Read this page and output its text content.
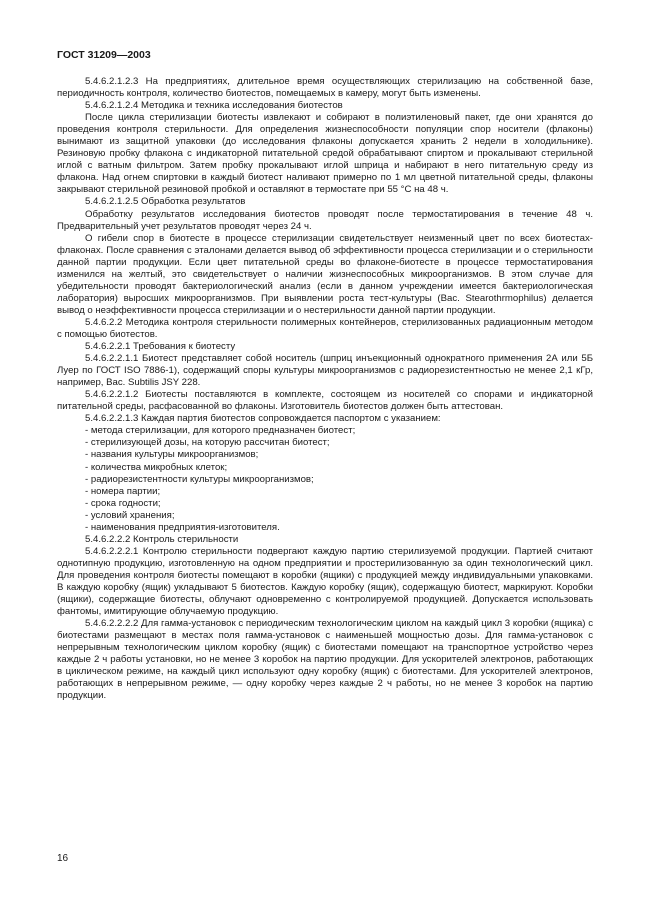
ГОСТ 31209—2003

5.4.6.2.1.2.3 На предприятиях, длительное время осуществляющих стерилизацию на собственной базе, периодичность контроля, количество биотестов, помещаемых в камеру, могут быть изменены.

5.4.6.2.1.2.4 Методика и техника исследования биотестов

После цикла стерилизации биотесты извлекают и собирают в полиэтиленовый пакет, где они хранятся до проведения контроля стерильности. Для определения жизнеспособности популяции спор носители (флаконы) вынимают из защитной упаковки (до исследования флаконы допускается хранить 2 недели в холодильнике). Резиновую пробку флакона с индикаторной питательной средой обрабатывают спиртом и прокалывают стерильной иглой с ватным фильтром. Затем пробку прокалывают иглой шприца и набирают в него питательную среду из флакона. Над огнем спиртовки в каждый биотест наливают примерно по 1 мл цветной питательной среды, флаконы закрывают стерильной резиновой пробкой и оставляют в термостате при 55 °С на 48 ч.

5.4.6.2.1.2.5 Обработка результатов

Обработку результатов исследования биотестов проводят после термостатирования в течение 48 ч. Предварительный учет результатов проводят через 24 ч.

О гибели спор в биотесте в процессе стерилизации свидетельствует неизменный цвет по всех биотестах-флаконах. После сравнения с эталонами делается вывод об эффективности процесса стерилизации и о стерильности данной партии продукции. Если цвет питательной среды во флаконе-биотесте в процессе термостатирования изменился на желтый, это свидетельствует о наличии жизнеспособных микроорганизмов. В этом случае для убедительности проводят бактериологический анализ (если в данном учреждении имеется бактериологическая лаборатория) выросших микроорганизмов. При выявлении роста тест-культуры (Bac. Stearothrmophilus) делается вывод о неэффективности процесса стерилизации и о нестерильности данной партии продукции.

5.4.6.2.2 Методика контроля стерильности полимерных контейнеров, стерилизованных радиационным методом с помощью биотестов.

5.4.6.2.2.1 Требования к биотесту

5.4.6.2.2.1.1 Биотест представляет собой носитель (шприц инъекционный однократного применения 2А или 5Б Луер по ГОСТ ISO 7886-1), содержащий споры культуры микроорганизмов с радиорезистентностью не менее 2,1 кГр, например, Bac. Subtilis JSY 228.

5.4.6.2.2.1.2 Биотесты поставляются в комплекте, состоящем из носителей со спорами и индикаторной питательной среды, расфасованной во флаконы. Изготовитель биотестов должен быть аттестован.

5.4.6.2.2.1.3 Каждая партия биотестов сопровождается паспортом с указанием:

- метода стерилизации, для которого предназначен биотест;

- стерилизующей дозы, на которую рассчитан биотест;

- названия культуры микроорганизмов;

- количества микробных клеток;

- радиорезистентности культуры микроорганизмов;

- номера партии;

- срока годности;

- условий хранения;

- наименования предприятия-изготовителя.

5.4.6.2.2.2 Контроль стерильности

5.4.6.2.2.2.1 Контролю стерильности подвергают каждую партию стерилизуемой продукции. Партией считают однотипную продукцию, изготовленную на одном предприятии и простерилизованную за один технологический цикл. Для проведения контроля биотесты помещают в коробки (ящики) с продукцией между индивидуальными упаковками. В каждую коробку (ящик) укладывают 5 биотестов. Каждую коробку (ящик), содержащую биотест, маркируют. Коробки (ящики), содержащие биотесты, облучают одновременно с контролируемой продукцией. Допускается использовать фантомы, имитирующие облучаемую продукцию.

5.4.6.2.2.2.2 Для гамма-установок с периодическим технологическим циклом на каждый цикл 3 коробки (ящика) с биотестами размещают в местах поля гамма-установок с наименьшей мощностью дозы. Для гамма-установок с непрерывным технологическим циклом коробку (ящик) с биотестами помещают на транспортное устройство через каждые 2 ч работы установки, но не менее 3 коробок на партию продукции. Для ускорителей электронов, работающих в циклическом режиме, на каждый цикл используют одну коробку (ящик) с биотестами. Для ускорителей электронов, работающих в непрерывном режиме, — одну коробку через каждые 2 ч работы, но не менее 3 коробок на партию продукции.

16
